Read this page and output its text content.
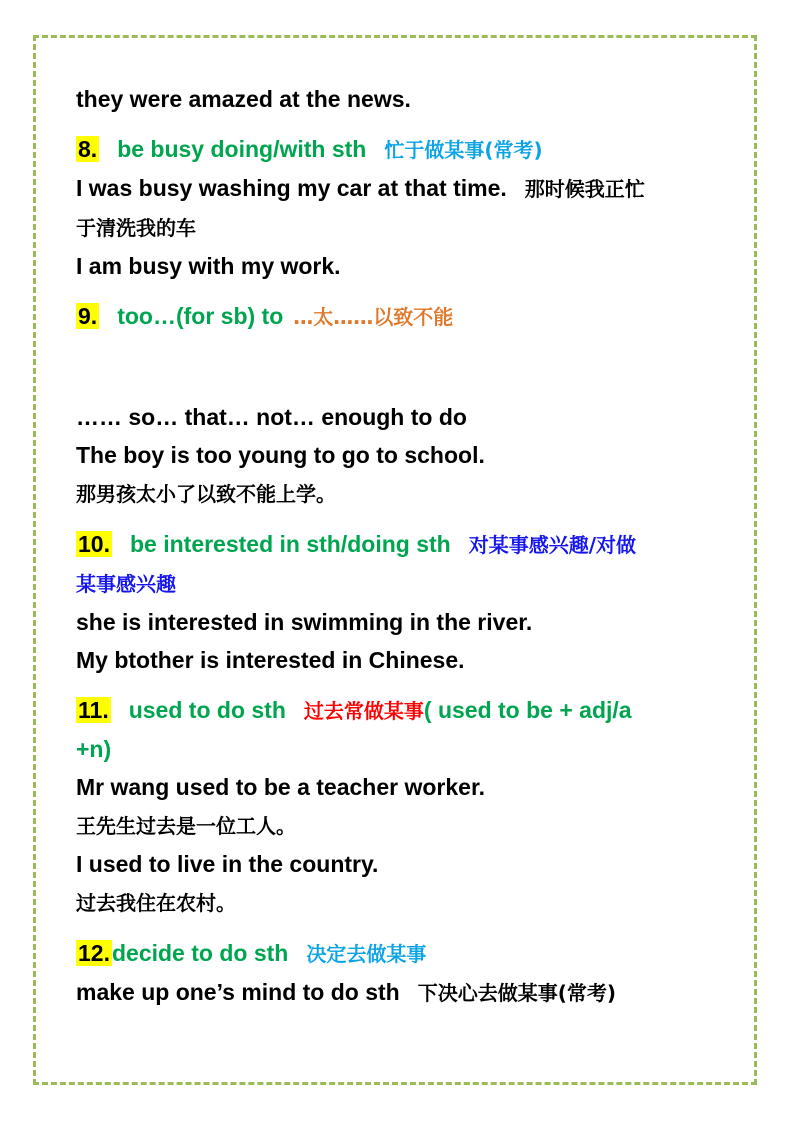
they were amazed at the news.
8. be busy doing/with sth 忙于做某事(常考)
I was busy washing my car at that time. 那时候我正忙
于清洗我的车
I am busy with my work.
9. too…(for sb) to …太……以致不能
…… so… that… not… enough to do
The boy is too young to go to school.
那男孩太小了以致不能上学。
10. be interested in sth/doing sth 对某事感兴趣/对做
某事感兴趣
she is interested in swimming in the river.
My btother is interested in Chinese.
11. used to do sth 过去常做某事( used to be + adj/a
+n)
Mr wang used to be a teacher worker.
王先生过去是一位工人。
I used to live in the country.
过去我住在农村。
12.decide to do sth 决定去做某事
make up one’s mind to do sth 下决心去做某事(常考)
